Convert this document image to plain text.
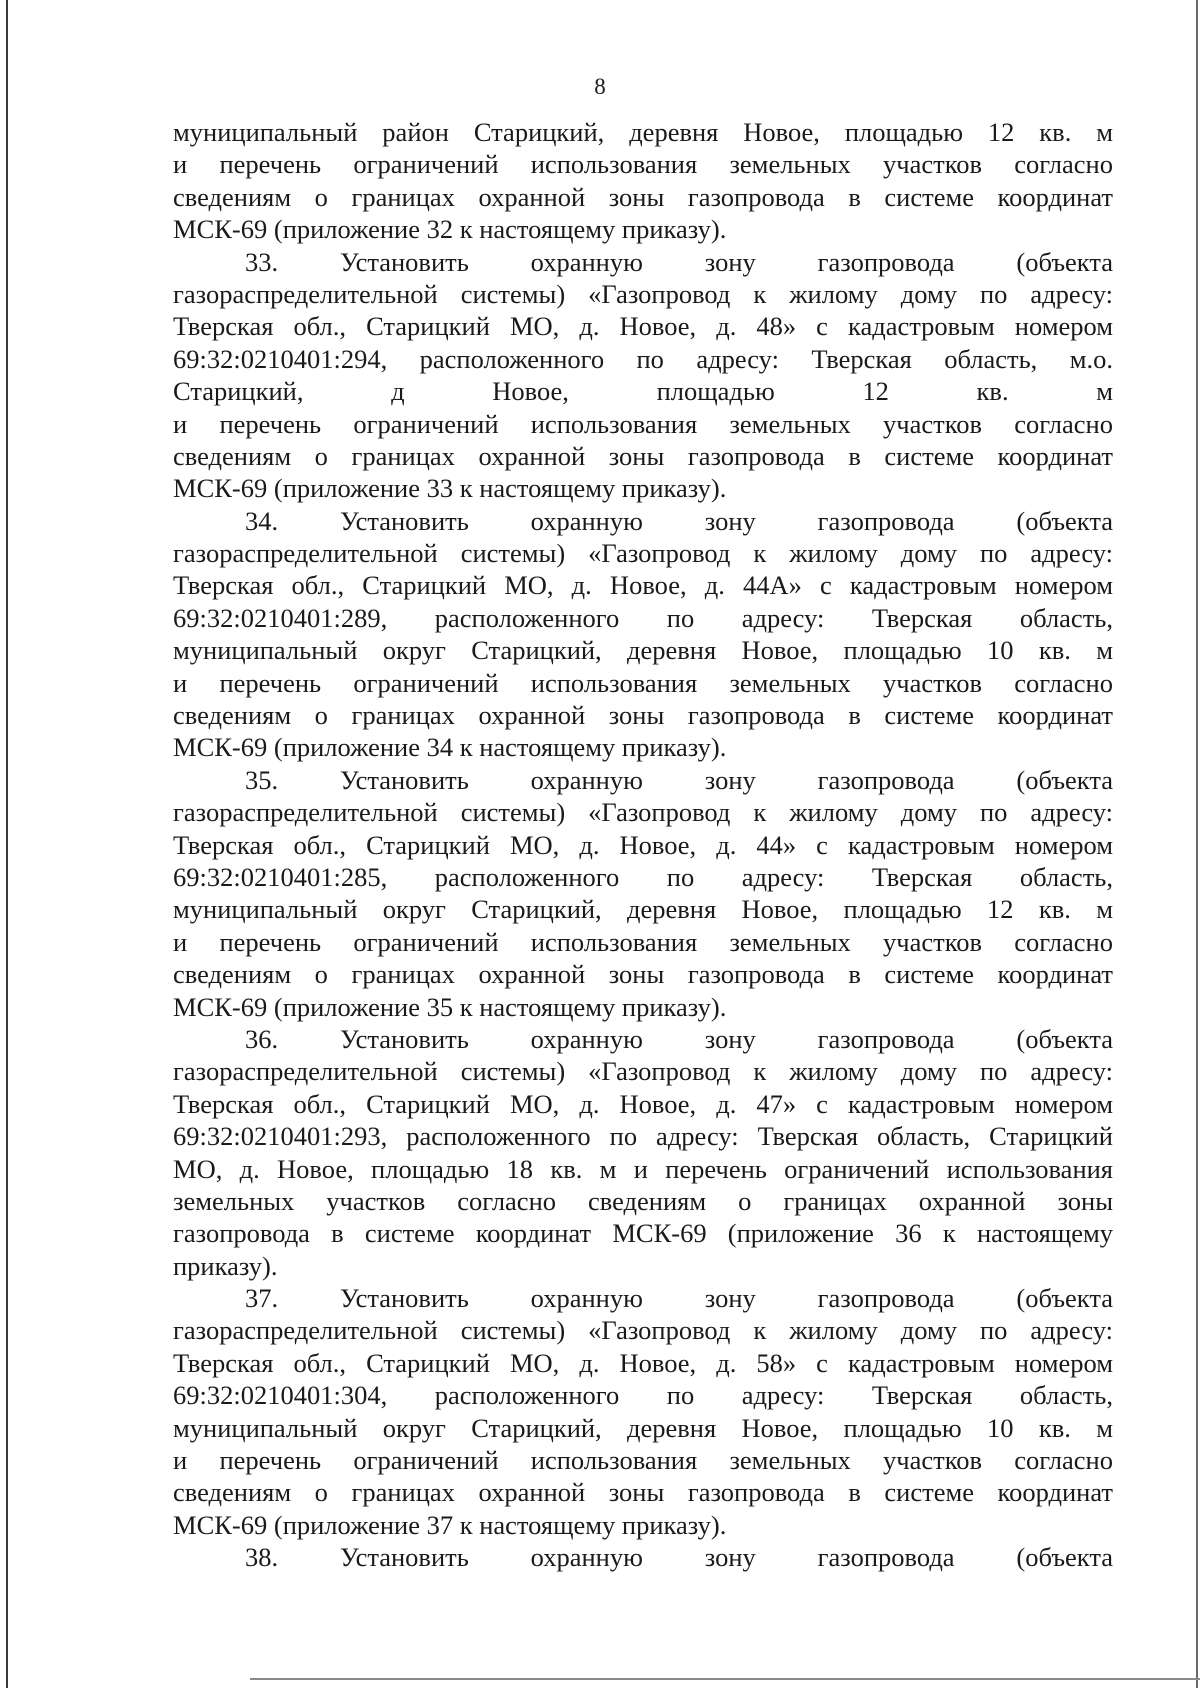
8
муниципальный район Старицкий, деревня Новое, площадью 12 кв. м
и перечень ограничений использования земельных участков согласно
сведениям о границах охранной зоны газопровода в системе координат
МСК-69 (приложение 32 к настоящему приказу).
33. Установить охранную зону газопровода (объекта
газораспределительной системы) «Газопровод к жилому дому по адресу:
Тверская обл., Старицкий МО, д. Новое, д. 48» с кадастровым номером
69:32:0210401:294, расположенного по адресу: Тверская область, м.о.
Старицкий, д Новое, площадью 12 кв. м
и перечень ограничений использования земельных участков согласно
сведениям о границах охранной зоны газопровода в системе координат
МСК-69 (приложение 33 к настоящему приказу).
34. Установить охранную зону газопровода (объекта
газораспределительной системы) «Газопровод к жилому дому по адресу:
Тверская обл., Старицкий МО, д. Новое, д. 44А» с кадастровым номером
69:32:0210401:289, расположенного по адресу: Тверская область,
муниципальный округ Старицкий, деревня Новое, площадью 10 кв. м
и перечень ограничений использования земельных участков согласно
сведениям о границах охранной зоны газопровода в системе координат
МСК-69 (приложение 34 к настоящему приказу).
35. Установить охранную зону газопровода (объекта
газораспределительной системы) «Газопровод к жилому дому по адресу:
Тверская обл., Старицкий МО, д. Новое, д. 44» с кадастровым номером
69:32:0210401:285, расположенного по адресу: Тверская область,
муниципальный округ Старицкий, деревня Новое, площадью 12 кв. м
и перечень ограничений использования земельных участков согласно
сведениям о границах охранной зоны газопровода в системе координат
МСК-69 (приложение 35 к настоящему приказу).
36. Установить охранную зону газопровода (объекта
газораспределительной системы) «Газопровод к жилому дому по адресу:
Тверская обл., Старицкий МО, д. Новое, д. 47» с кадастровым номером
69:32:0210401:293, расположенного по адресу: Тверская область, Старицкий
МО, д. Новое, площадью 18 кв. м и перечень ограничений использования
земельных участков согласно сведениям о границах охранной зоны
газопровода в системе координат МСК-69 (приложение 36 к настоящему
приказу).
37. Установить охранную зону газопровода (объекта
газораспределительной системы) «Газопровод к жилому дому по адресу:
Тверская обл., Старицкий МО, д. Новое, д. 58» с кадастровым номером
69:32:0210401:304, расположенного по адресу: Тверская область,
муниципальный округ Старицкий, деревня Новое, площадью 10 кв. м
и перечень ограничений использования земельных участков согласно
сведениям о границах охранной зоны газопровода в системе координат
МСК-69 (приложение 37 к настоящему приказу).
38. Установить охранную зону газопровода (объекта
